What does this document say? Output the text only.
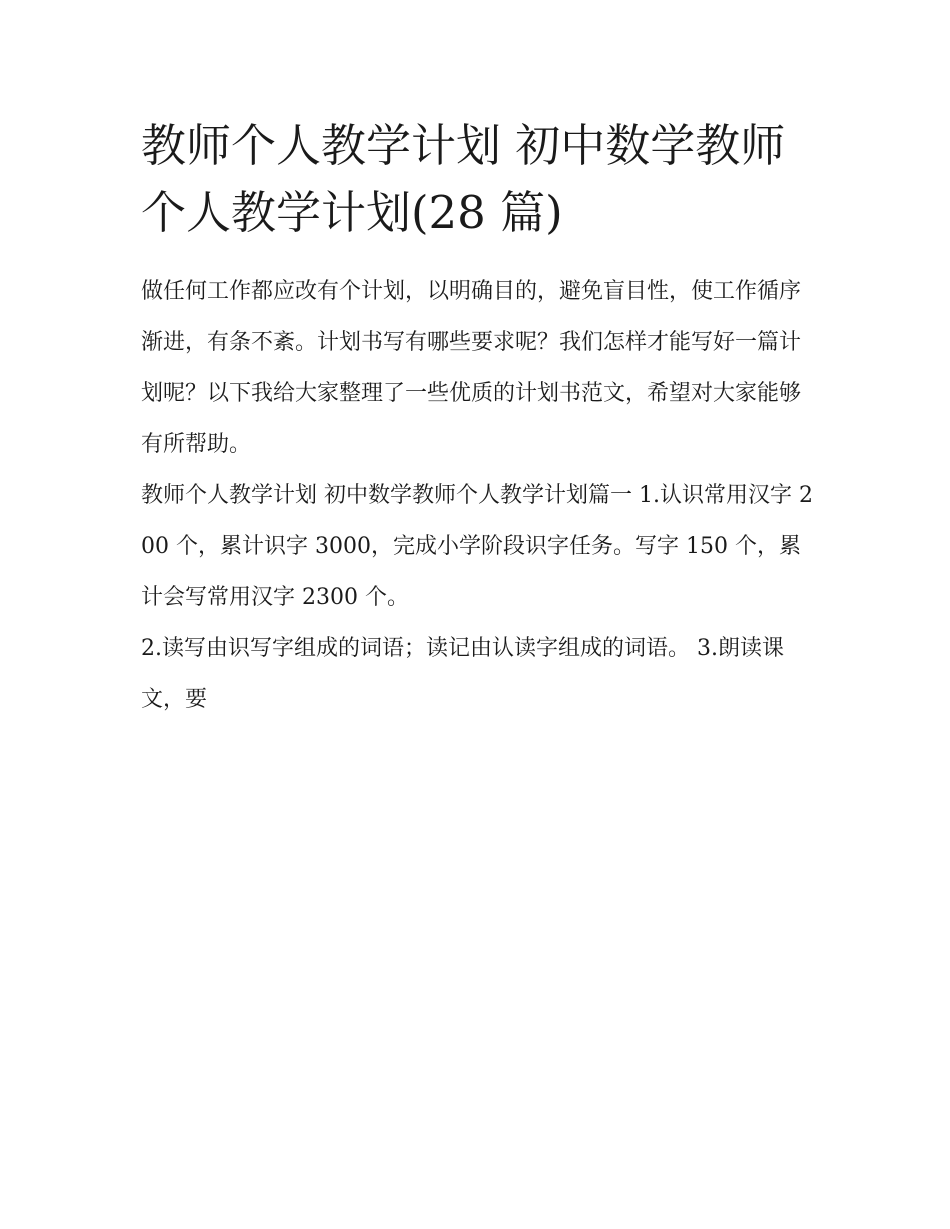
教师个人教学计划 初中数学教师个人教学计划(28 篇)

做任何工作都应改有个计划，以明确目的，避免盲目性，使工作循序渐进，有条不紊。计划书写有哪些要求呢？我们怎样才能写好一篇计划呢？以下我给大家整理了一些优质的计划书范文，希望对大家能够有所帮助。

教师个人教学计划 初中数学教师个人教学计划篇一 1.认识常用汉字 200 个，累计识字 3000，完成小学阶段识字任务。写字 150 个，累计会写常用汉字 2300 个。

2.读写由识写字组成的词语；读记由认读字组成的词语。 3.朗读课文，要
